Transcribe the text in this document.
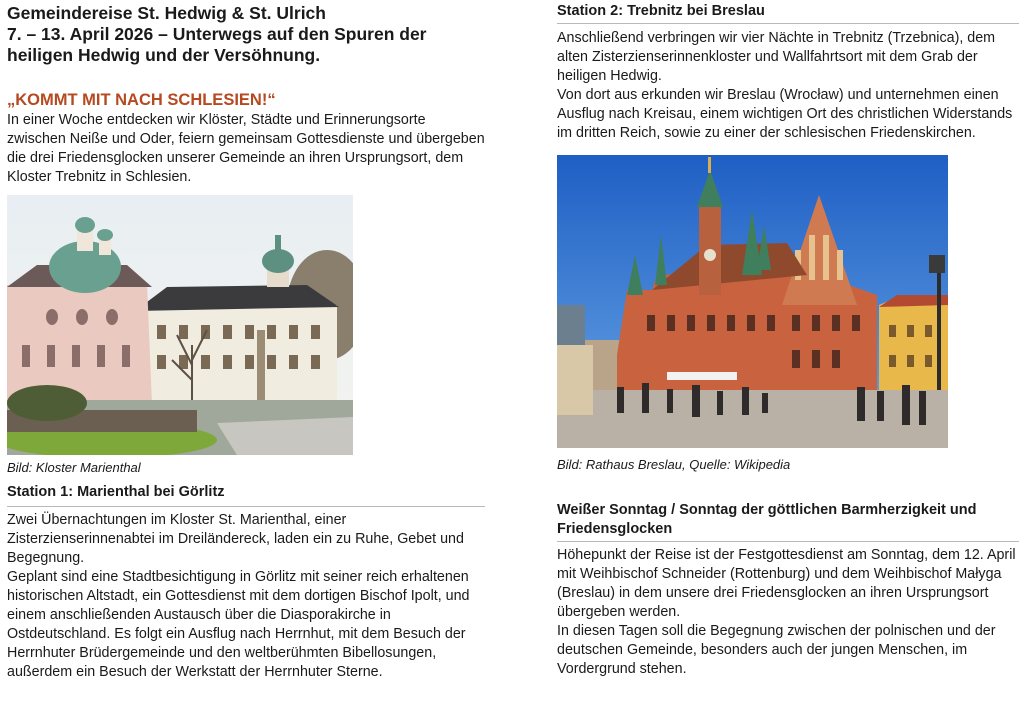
Gemeindereise St. Hedwig & St. Ulrich
7. – 13. April 2026 – Unterwegs auf den Spuren der heiligen Hedwig und der Versöhnung.
„KOMMT MIT NACH SCHLESIEN!“
In einer Woche entdecken wir Klöster, Städte und Erinnerungsorte zwischen Neiße und Oder, feiern gemeinsam Gottesdienste und übergeben die drei Friedensglocken unserer Gemeinde an ihren Ursprungsort, dem Kloster Trebnitz in Schlesien.
Bild: Kloster Marienthal
Station 1: Marienthal bei Görlitz
Zwei Übernachtungen im Kloster St. Marienthal, einer Zisterzienserinnenabtei im Dreiländereck, laden ein zu Ruhe, Gebet und Begegnung.
Geplant sind eine Stadtbesichtigung in Görlitz mit seiner reich erhaltenen historischen Altstadt, ein Gottesdienst mit dem dortigen Bischof Ipolt, und einem anschließenden Austausch über die Diasporakirche in Ostdeutschland. Es folgt ein Ausflug nach Herrnhut, mit dem Besuch der Herrnhuter Brüdergemeinde und den weltberühmten Bibellosungen, außerdem ein Besuch der Werkstatt der Herrnhuter Sterne.
Station 2: Trebnitz bei Breslau
Anschließend verbringen wir vier Nächte in Trebnitz (Trzebnica), dem alten Zisterzienserinnenkloster und Wallfahrtsort mit dem Grab der heiligen Hedwig.
Von dort aus erkunden wir Breslau (Wrocław) und unternehmen einen Ausflug nach Kreisau, einem wichtigen Ort des christlichen Widerstands im dritten Reich, sowie zu einer der schlesischen Friedenskirchen.
Bild: Rathaus Breslau, Quelle: Wikipedia
Weißer Sonntag / Sonntag der göttlichen Barmherzigkeit und Friedensglocken
Höhepunkt der Reise ist der Festgottesdienst am Sonntag, dem 12. April mit Weihbischof Schneider (Rottenburg) und dem Weihbischof Małyga (Breslau) in dem unsere drei Friedensglocken an ihren Ursprungsort übergeben werden.
In diesen Tagen soll die Begegnung zwischen der polnischen und der deutschen Gemeinde, besonders auch der jungen Menschen, im Vordergrund stehen.
